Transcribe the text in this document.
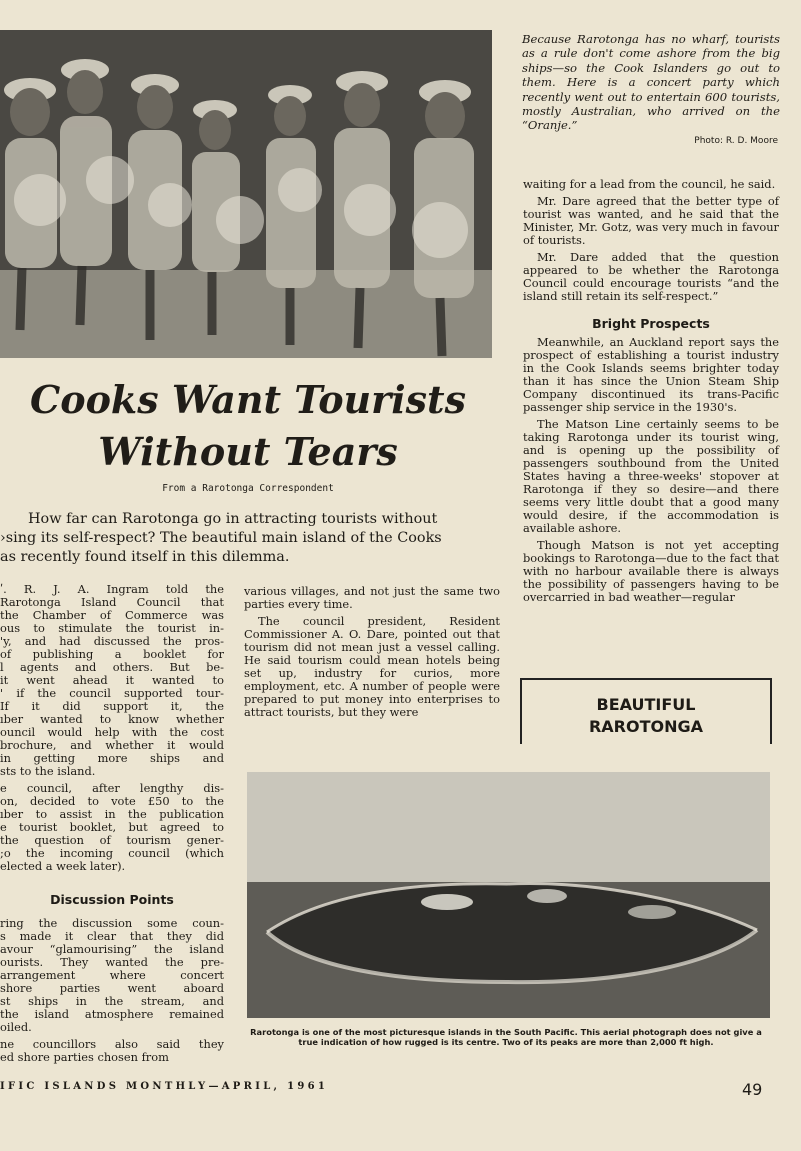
Because Rarotonga has no wharf, tourists as a rule don't come ashore from the big ships—so the Cook Islanders go out to them. Here is a concert party which recently went out to entertain 600 tourists, mostly Australian, who arrived on the “Oranje.”
Photo: R. D. Moore
Cooks Want Tourists
Without Tears
From a Rarotonga Correspondent
How far can Rarotonga go in attracting tourists without
›sing its self-respect? The beautiful main island of the Cooks
as recently found itself in this dilemma.
ʹ. R. J. A. Ingram told the
Rarotonga Island Council that
the Chamber of Commerce was
ous to stimulate the tourist in-
'y, and had discussed the pros-
of publishing a booklet for
l agents and others. But be-
it went ahead it wanted to
' if the council supported tour-
If it did support it, the
ıber wanted to know whether
ouncil would help with the cost
brochure, and whether it would
in getting more ships and
sts to the island.
e council, after lengthy dis-
on, decided to vote £50 to the
ıber to assist in the publication
e tourist booklet, but agreed to
the question of tourism gener-
;o the incoming council (which
elected a week later).
Discussion Points
ring the discussion some coun-
s made it clear that they did
avour “glamourising” the island
ourists. They wanted the pre-
arrangement where concert
shore parties went aboard
st ships in the stream, and
the island atmosphere remained
oiled.
ne councillors also said they
ed shore parties chosen from

various villages, and not just the same two parties every time.

The council president, Resident Commissioner A. O. Dare, pointed out that tourism did not mean just a vessel calling. He said tourism could mean hotels being set up, industry for curios, more employment, etc. A number of people were prepared to put money into enterprises to attract tourists, but they were

waiting for a lead from the council, he said.

Mr. Dare agreed that the better type of tourist was wanted, and he said that the Minister, Mr. Gotz, was very much in favour of tourists.

Mr. Dare added that the question appeared to be whether the Rarotonga Council could encourage tourists “and the island still retain its self-respect.”

Bright Prospects

Meanwhile, an Auckland report says the prospect of establishing a tourist industry in the Cook Islands seems brighter today than it has since the Union Steam Ship Company discontinued its trans-Pacific passenger ship service in the 1930's.

The Matson Line certainly seems to be taking Rarotonga under its tourist wing, and is opening up the possibility of passengers southbound from the United States having a three-weeks' stopover at Rarotonga if they so desire—and there seems very little doubt that a good many would desire, if the accommodation is available ashore.

Though Matson is not yet accepting bookings to Rarotonga—due to the fact that with no harbour available there is always the possibility of passengers having to be overcarried in bad weather—regular

BEAUTIFUL
RAROTONGA
Rarotonga is one of the most picturesque islands in the South Pacific. This aerial photograph does not give a true indication of how rugged is its centre. Two of its peaks are more than 2,000 ft high.
IFIC ISLANDS MONTHLY—APRIL, 1961	49
